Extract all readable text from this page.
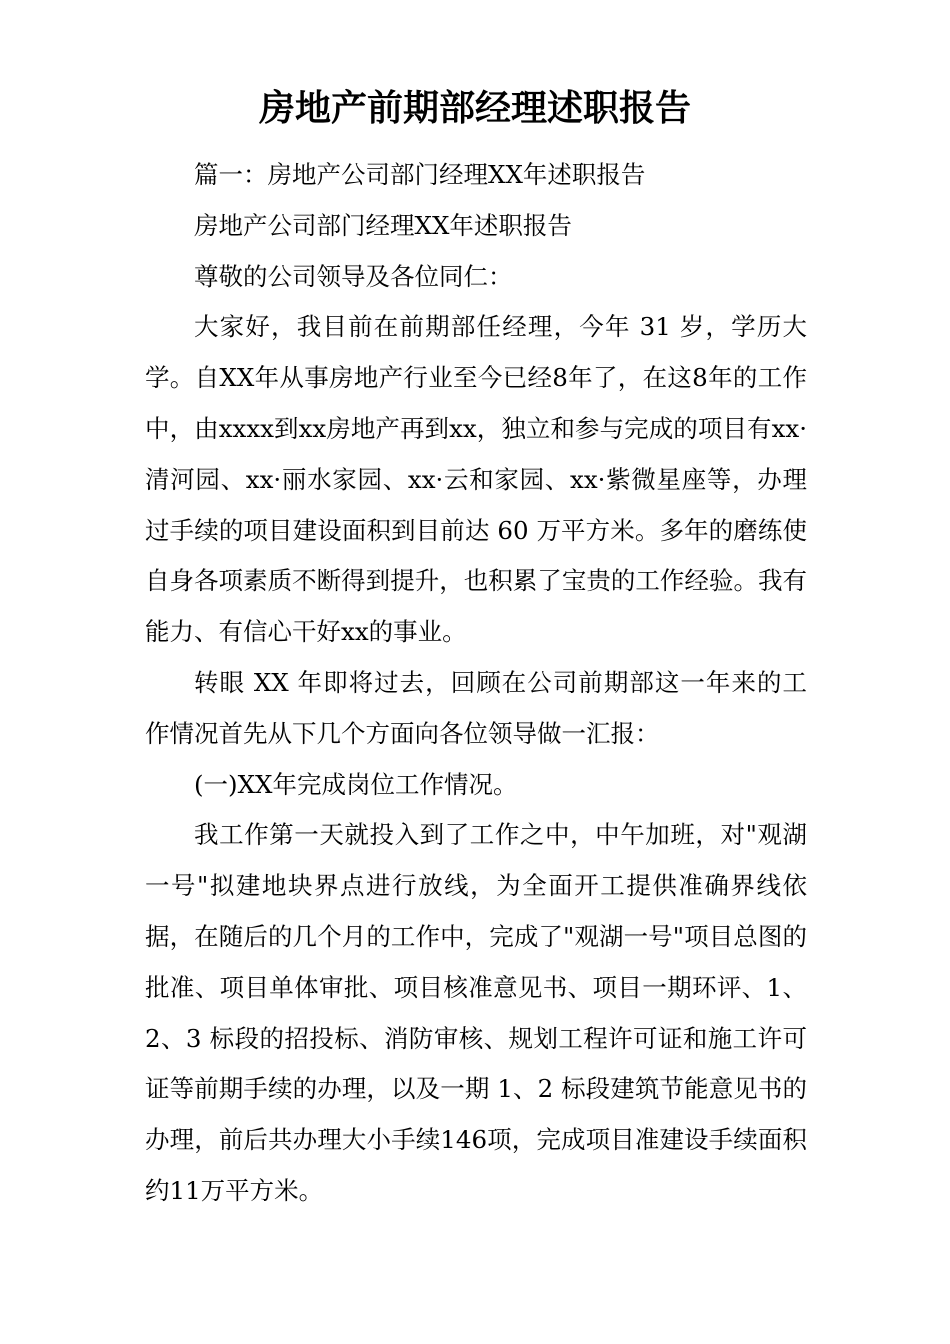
房地产前期部经理述职报告

篇一：房地产公司部门经理XX年述职报告

房地产公司部门经理XX年述职报告

尊敬的公司领导及各位同仁：

大家好，我目前在前期部任经理，今年 31 岁，学历大学。自XX年从事房地产行业至今已经8年了，在这8年的工作中，由xxxx到xx房地产再到xx，独立和参与完成的项目有xx·清河园、xx·丽水家园、xx·云和家园、xx·紫微星座等，办理　过手续的项目建设面积到目前达 60 万平方米。多年的磨练使自身各项素质不断得到提升，也积累了宝贵的工作经验。我有能力、有信心干好xx的事业。

转眼 XX 年即将过去，回顾在公司前期部这一年来的工作情况首先从下几个方面向各位领导做一汇报：

(一)XX年完成岗位工作情况。

我工作第一天就投入到了工作之中，中午加班，对"观湖一号"拟建地块界点进行放线，为全面开工提供准确界线依据，在随后的几个月的工作中，完成了"观湖一号"项目总图的批准、项目单体审批、项目核准意见书、项目一期环评、1、2、3 标段的招投标、消防审核、规划工程许可证和施工许可证等前期手续的办理，以及一期 1、2 标段建筑节能意见书的办理，前后共办理大小手续146项，完成项目准建设手续面积约11万平方米。
